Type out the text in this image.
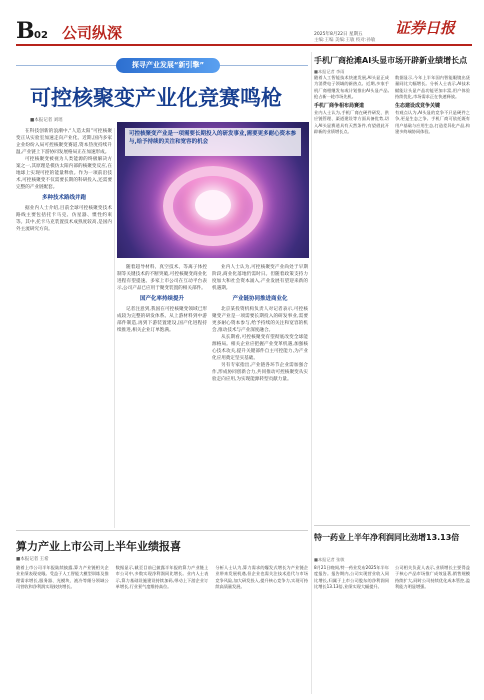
B 02 公司纵深	2025年8月22日 星期五
主编:王编 美编:王敏 校对:孙敏
证券日报
探寻产业发展“新引擎”
可控核聚变产业化竞赛鸣枪
■本报记者 刘瑶
可控核聚变产业是一项需要长期投入的研发事业,需要更多耐心资本参与,给予持续的关注和宽容的机会

在科技创新的浪潮中,“人造太阳”可控核聚变正从实验室加速走向产业化。近期,国内多家企业纷纷入局可控核聚变赛道,资本热度持续升温,产业链上下游协同发展格局正在加速形成。

可控核聚变被视为人类能源的终极解决方案之一,其原理是模仿太阳内部的核聚变反应,在地球上实现可控的能量释放。作为一项前沿技术,可控核聚变不仅需要长期的科研投入,还需要完整的产业链配套。

多种技术路线并跑

据业内人士介绍,目前全球可控核聚变技术路线主要包括托卡马克、仿星器、惯性约束等。其中,托卡马克装置技术成熟度较高,是国内外主流研究方向。

随着超导材料、真空技术、等离子体控制等关键技术的不断突破,可控核聚变商业化进程有望提速。多家上市公司在互动平台表示,公司产品已应用于聚变装置的相关部件。

国产化率持续提升

记者注意到,我国在可控核聚变领域已形成较为完整的研发体系。从上游材料到中游部件制造,再到下游装置建设,国产化进程持续推进,相关企业订单饱满。

业内人士认为,可控核聚变产业尚处于早期阶段,商业化落地仍需时日。但随着政策支持力度加大和社会资本涌入,产业发展有望迎来新的机遇期。

产业链协同推进商业化

北京某投资机构负责人对记者表示,可控核聚变产业是一项需要长期投入的研发事业,需要更多耐心资本参与,给予持续的关注和宽容的机会,推动技术与产业深度融合。

从长期看,可控核聚变有望彻底改变全球能源格局。相关企业应把握产业变革机遇,加强核心技术攻关,提升关键部件自主可控能力,为产业化应用奠定坚实基础。

另有专家指出,产业链各环节企业需加强合作,形成协同创新合力,共同推动可控核聚变从实验走向应用,为实现能源转型贡献力量。

手机厂商抢滩AI头显市场开辟新业绩增长点
■本报记者 李雨
随着人工智能技术快速发展,AI头显正成为消费电子领域的新热点。近期,多家手机厂商相继发布或计划推出AI头显产品,抢占新一轮市场先机。
手机厂商争相布局赛道
业内人士认为,手机厂商在硬件研发、供应链管理、渠道建设等方面具备优势,切入AI头显赛道具有天然条件,有望借此开辟新的业绩增长点。
数据显示,今年上半年国内智能眼镜出货量同比大幅增长。分析人士表示,AI技术赋能让头显产品功能更加丰富,用户体验持续优化,市场需求正在快速释放。
生态建设成竞争关键
有观点认为,AI头显的竞争不只是硬件之争,更是生态之争。手机厂商可依托既有用户基础与应用生态,打造差异化产品,构建多终端协同体验。
算力产业上市公司上半年业绩报喜
■本报记者 王希
随着上市公司半年报陆续披露,算力产业链相关企业业绩表现亮眼。受益于人工智能大模型训练及推理需求增长,服务器、光模块、液冷等细分领域公司营收和净利润实现较快增长。
数据显示,截至目前已披露半年报的算力产业链上市公司中,多数实现净利润同比增长。业内人士表示,算力基础设施建设持续加码,带动上下游企业订单增长,行业景气度维持高位。
分析人士认为,算力需求的爆发式增长为产业链企业带来发展机遇,但企业也需关注技术迭代与市场竞争风险,加大研发投入,提升核心竞争力,实现可持续高质量发展。
特一药业上半年净利润同比劲增13.13倍
■本报记者 张敏
8月21日晚间,特一药业发布2025年半年度报告。报告期内,公司实现营业收入同比增长,归属于上市公司股东的净利润同比增长13.13倍,业绩实现大幅提升。
公司相关负责人表示,业绩增长主要得益于核心产品市场推广成效显著,销售规模持续扩大,同时公司持续优化成本管控,盈利能力明显增强。
